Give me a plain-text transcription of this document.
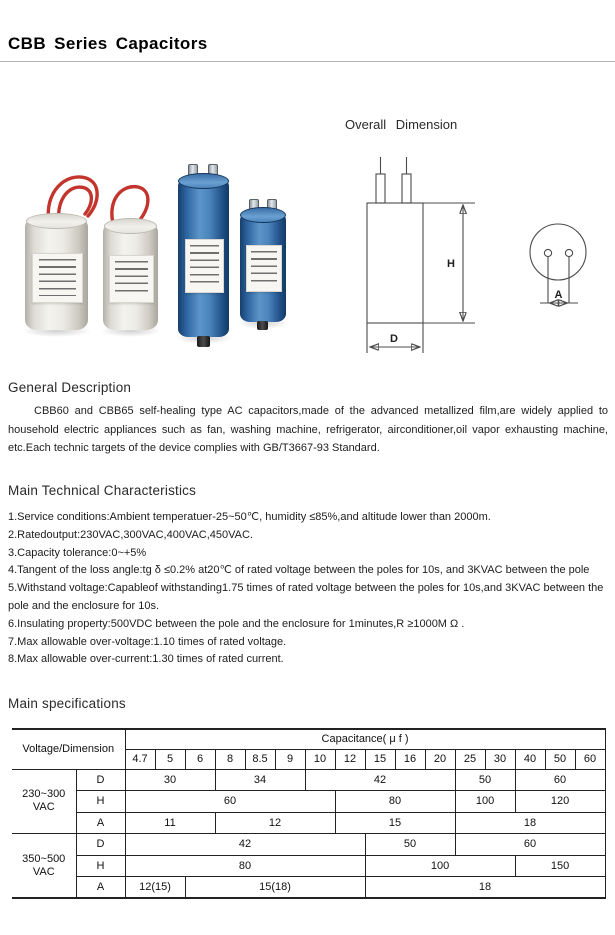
CBB Series Capacitors
Overall Dimension
H
D
A
General Description
CBB60 and CBB65 self-healing type AC capacitors,made of the advanced metallized film,are widely applied to household electric appliances such as fan, washing machine, refrigerator, airconditioner,oil vapor exhausting machine, etc.Each technic targets of the device complies with GB/T3667-93 Standard.
Main Technical Characteristics
1.Service conditions:Ambient temperatuer-25~50℃, humidity ≤85%,and altitude lower than 2000m.
2.Ratedoutput:230VAC,300VAC,400VAC,450VAC.
3.Capacity tolerance:0~+5%
4.Tangent of the loss angle:tg δ ≤0.2% at20℃ of rated voltage between the poles for 10s, and 3KVAC between the pole
5.Withstand voltage:Capableof withstanding1.75 times of rated voltage between the poles for 10s,and 3KVAC between the pole and the enclosure for 10s.
6.Insulating property:500VDC between the pole and the enclosure for 1minutes,R ≥1000M Ω .
7.Max allowable over-voltage:1.10 times of rated voltage.
8.Max allowable over-current:1.30 times of rated current.
Main specifications
Voltage/Dimension		Capacitance( μ f )															
		4.7	5	6	8	8.5	9	10	12	15	16	20	25	30	40	50	60

230~300
VAC	D	30			34			42					50		60		
	H	60							80				100		120		
	A	11			12				15				18				

350~500
VAC	D	42								50			60				
	H	80								100					150		
	A	12(15)		15(18)						18							
